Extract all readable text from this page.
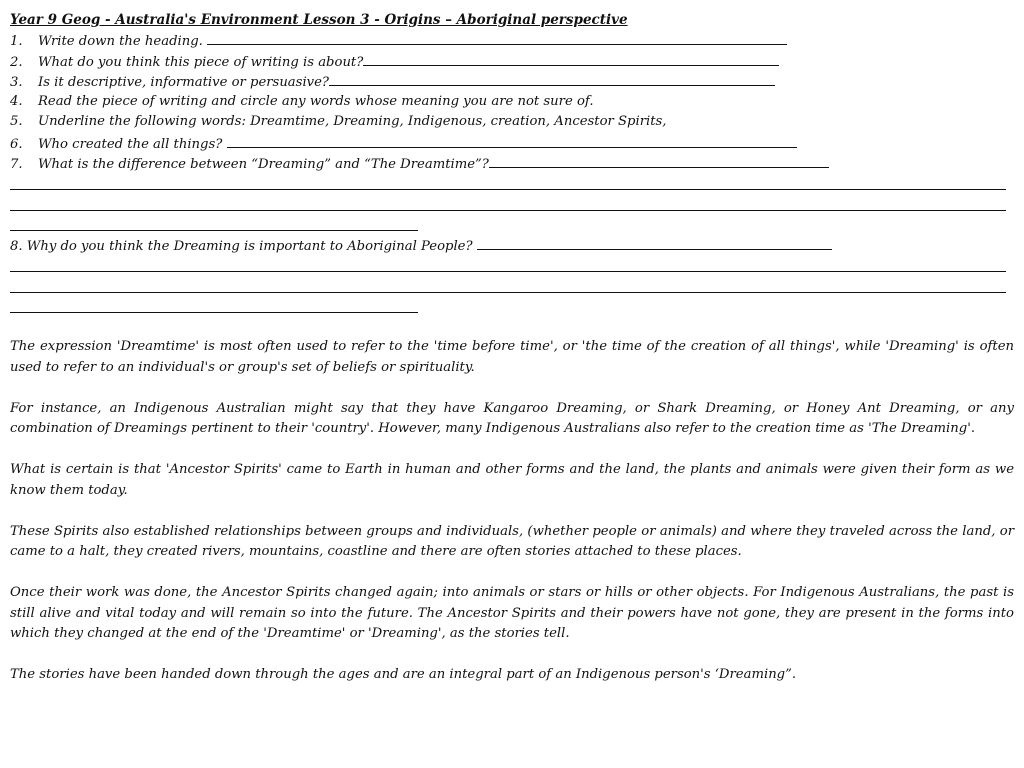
Year 9 Geog - Australia's Environment Lesson 3 - Origins – Aboriginal perspective
1. Write down the heading.
2. What do you think this piece of writing is about?
3. Is it descriptive, informative or persuasive?
4. Read the piece of writing and circle any words whose meaning you are not sure of.
5. Underline the following words: Dreamtime, Dreaming, Indigenous, creation, Ancestor Spirits,
6. Who created the all things?
7. What is the difference between “Dreaming” and “The Dreamtime”?
8. Why do you think the Dreaming is important to Aboriginal People?

The expression 'Dreamtime' is most often used to refer to the 'time before time', or 'the time of the creation of all things', while 'Dreaming' is often used to refer to an individual's or group's set of beliefs or spirituality.

For instance, an Indigenous Australian might say that they have Kangaroo Dreaming, or Shark Dreaming, or Honey Ant Dreaming, or any combination of Dreamings pertinent to their 'country'. However, many Indigenous Australians also refer to the creation time as 'The Dreaming'.

What is certain is that 'Ancestor Spirits' came to Earth in human and other forms and the land, the plants and animals were given their form as we know them today.

These Spirits also established relationships between groups and individuals, (whether people or animals) and where they traveled across the land, or came to a halt, they created rivers, mountains, coastline and there are often stories attached to these places.

Once their work was done, the Ancestor Spirits changed again; into animals or stars or hills or other objects. For Indigenous Australians, the past is still alive and vital today and will remain so into the future. The Ancestor Spirits and their powers have not gone, they are present in the forms into which they changed at the end of the 'Dreamtime' or 'Dreaming', as the stories tell.

The stories have been handed down through the ages and are an integral part of an Indigenous person's ‘Dreaming”.
